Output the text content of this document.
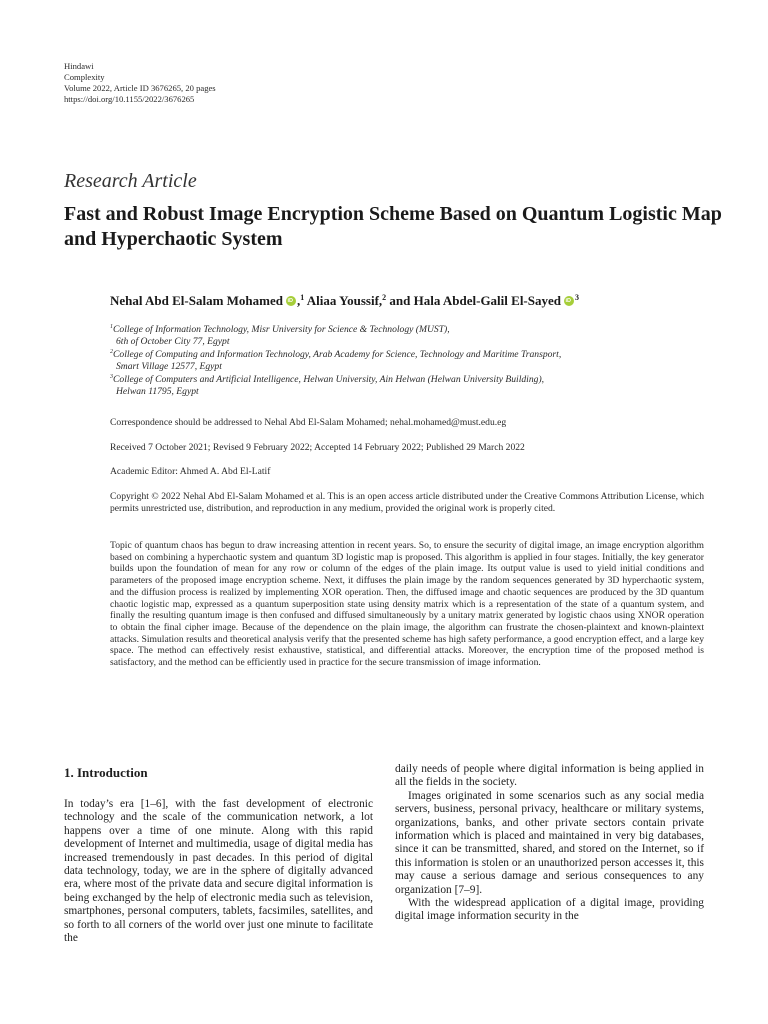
Hindawi
Complexity
Volume 2022, Article ID 3676265, 20 pages
https://doi.org/10.1155/2022/3676265
Research Article
Fast and Robust Image Encryption Scheme Based on Quantum Logistic Map and Hyperchaotic System
Nehal Abd El-Salam Mohamed iD ,$^1$ Aliaa Youssif,$^2$ and Hala Abdel-Galil El-Sayed iD $^3$
$^1$College of Information Technology, Misr University for Science & Technology (MUST),
6th of October City 77, Egypt
$^2$College of Computing and Information Technology, Arab Academy for Science, Technology and Maritime Transport,
Smart Village 12577, Egypt
$^3$College of Computers and Artificial Intelligence, Helwan University, Ain Helwan (Helwan University Building),
Helwan 11795, Egypt
Correspondence should be addressed to Nehal Abd El-Salam Mohamed; nehal.mohamed@must.edu.eg
Received 7 October 2021; Revised 9 February 2022; Accepted 14 February 2022; Published 29 March 2022
Academic Editor: Ahmed A. Abd El-Latif
Copyright © 2022 Nehal Abd El-Salam Mohamed et al. This is an open access article distributed under the Creative Commons Attribution License, which permits unrestricted use, distribution, and reproduction in any medium, provided the original work is properly cited.
Topic of quantum chaos has begun to draw increasing attention in recent years. So, to ensure the security of digital image, an image encryption algorithm based on combining a hyperchaotic system and quantum 3D logistic map is proposed. This algorithm is applied in four stages. Initially, the key generator builds upon the foundation of mean for any row or column of the edges of the plain image. Its output value is used to yield initial conditions and parameters of the proposed image encryption scheme. Next, it diffuses the plain image by the random sequences generated by 3D hyperchaotic system, and the diffusion process is realized by implementing XOR operation. Then, the diffused image and chaotic sequences are produced by the 3D quantum chaotic logistic map, expressed as a quantum superposition state using density matrix which is a representation of the state of a quantum system, and finally the resulting quantum image is then confused and diffused simultaneously by a unitary matrix generated by logistic chaos using XNOR operation to obtain the final cipher image. Because of the dependence on the plain image, the algorithm can frustrate the chosen-plaintext and known-plaintext attacks. Simulation results and theoretical analysis verify that the presented scheme has high safety performance, a good encryption effect, and a large key space. The method can effectively resist exhaustive, statistical, and differential attacks. Moreover, the encryption time of the proposed method is satisfactory, and the method can be efficiently used in practice for the secure transmission of image information.
1. Introduction

In today’s era [1–6], with the fast development of electronic technology and the scale of the communication network, a lot happens over a time of one minute. Along with this rapid development of Internet and multimedia, usage of digital media has increased tremendously in past decades. In this period of digital data technology, today, we are in the sphere of digitally advanced era, where most of the private data and secure digital information is being exchanged by the help of electronic media such as television, smartphones, personal computers, tablets, facsimiles, satellites, and so forth to all corners of the world over just one minute to facilitate the

daily needs of people where digital information is being applied in all the fields in the society.

Images originated in some scenarios such as any social media servers, business, personal privacy, healthcare or military systems, organizations, banks, and other private sectors contain private information which is placed and maintained in very big databases, since it can be transmitted, shared, and stored on the Internet, so if this information is stolen or an unauthorized person accesses it, this may cause a serious damage and serious consequences to any organization [7–9].

With the widespread application of a digital image, providing digital image information security in the
